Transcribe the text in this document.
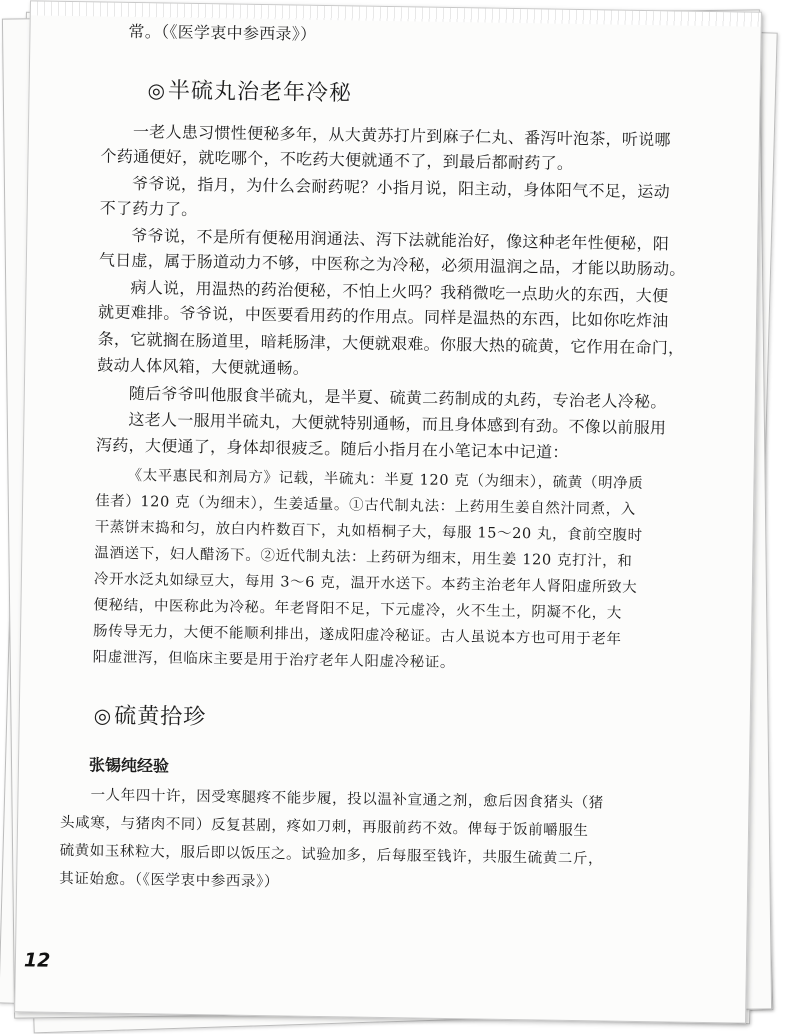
常。（《医学衷中参西录》）
◎半硫丸治老年冷秘
一老人患习惯性便秘多年，从大黄苏打片到麻子仁丸、番泻叶泡茶，听说哪
个药通便好，就吃哪个，不吃药大便就通不了，到最后都耐药了。
爷爷说，指月，为什么会耐药呢？小指月说，阳主动，身体阳气不足，运动
不了药力了。
爷爷说，不是所有便秘用润通法、泻下法就能治好，像这种老年性便秘，阳
气日虚，属于肠道动力不够，中医称之为冷秘，必须用温润之品，才能以助肠动。
病人说，用温热的药治便秘，不怕上火吗？我稍微吃一点助火的东西，大便
就更难排。爷爷说，中医要看用药的作用点。同样是温热的东西，比如你吃炸油
条，它就搁在肠道里，暗耗肠津，大便就艰难。你服大热的硫黄，它作用在命门，
鼓动人体风箱，大便就通畅。
随后爷爷叫他服食半硫丸，是半夏、硫黄二药制成的丸药，专治老人冷秘。
这老人一服用半硫丸，大便就特别通畅，而且身体感到有劲。不像以前服用
泻药，大便通了，身体却很疲乏。随后小指月在小笔记本中记道：
《太平惠民和剂局方》记载，半硫丸：半夏 120 克（为细末），硫黄（明净质
佳者）120 克（为细末），生姜适量。①古代制丸法：上药用生姜自然汁同煮，入
干蒸饼末捣和匀，放白内杵数百下，丸如梧桐子大，每服 15～20 丸，食前空腹时
温酒送下，妇人醋汤下。②近代制丸法：上药研为细末，用生姜 120 克打汁，和
冷开水泛丸如绿豆大，每用 3～6 克，温开水送下。本药主治老年人肾阳虚所致大
便秘结，中医称此为冷秘。年老肾阳不足，下元虚冷，火不生土，阴凝不化，大
肠传导无力，大便不能顺利排出，遂成阳虚冷秘证。古人虽说本方也可用于老年
阳虚泄泻，但临床主要是用于治疗老年人阳虚冷秘证。
◎硫黄拾珍
张锡纯经验
一人年四十许，因受寒腿疼不能步履，投以温补宣通之剂，愈后因食猪头（猪
头咸寒，与猪肉不同）反复甚剧，疼如刀刺，再服前药不效。俾每于饭前嚼服生
硫黄如玉秫粒大，服后即以饭压之。试验加多，后每服至钱许，共服生硫黄二斤，
其证始愈。（《医学衷中参西录》）
12
